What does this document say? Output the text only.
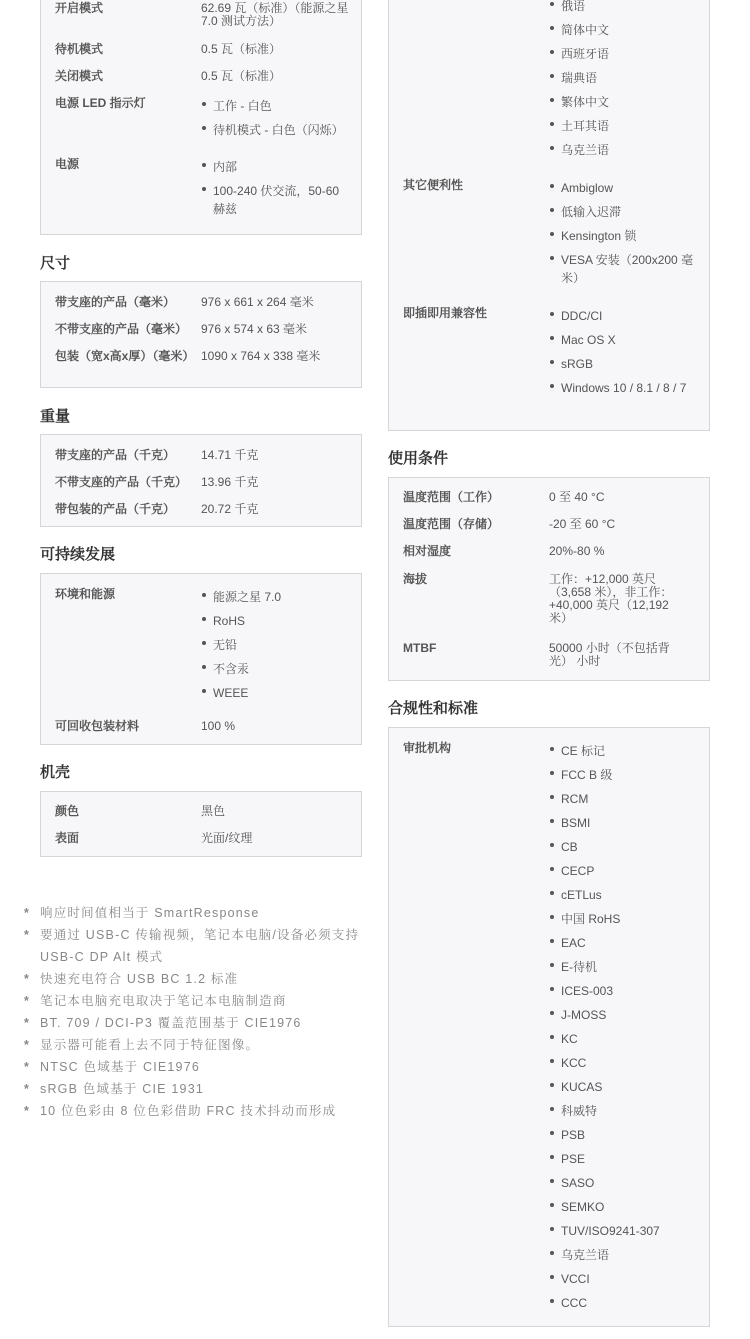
开启模式	62.69 瓦（标准）（能源之星 7.0 测试方法）
待机模式	0.5 瓦（标准）
关闭模式	0.5 瓦（标准）
电源 LED 指示灯	工作 - 白色
待机模式 - 白色（闪烁）
电源	内部
100-240 伏交流，50-60 赫兹
尺寸
带支座的产品（毫米）	976 x 661 x 264 毫米
不带支座的产品（毫米）	976 x 574 x 63 毫米
包装（宽x高x厚）（毫米） 1090 x 764 x 338 毫米
重量
带支座的产品（千克）	14.71 千克
不带支座的产品（千克）	13.96 千克
带包装的产品（千克）	20.72 千克
可持续发展
环境和能源	能源之星 7.0
RoHS
无铅
不含汞
WEEE
可回收包装材料	100 %
机壳
颜色	黑色
表面	光面/纹理
俄语
简体中文
西班牙语
瑞典语
繁体中文
土耳其语
乌克兰语
其它便利性	Ambiglow
低输入迟滞
Kensington 锁
VESA 安装（200x200 毫米）
即插即用兼容性	DDC/CI
Mac OS X
sRGB
Windows 10 / 8.1 / 8 / 7
使用条件
温度范围（工作）	0 至 40 °C
温度范围（存储）	-20 至 60 °C
相对湿度	20%-80 %
海拔	工作：+12,000 英尺（3,658 米），非工作：+40,000 英尺（12,192 米）
MTBF	50000 小时（不包括背光） 小时
合规性和标准
审批机构	CE 标记
FCC B 级
RCM
BSMI
CB
CECP
cETLus
中国 RoHS
EAC
E-待机
ICES-003
J-MOSS
KC
KCC
KUCAS
科威特
PSB
PSE
SASO
SEMKO
TUV/ISO9241-307
乌克兰语
VCCI
CCC
* 响应时间值相当于 SmartResponse
* 要通过 USB-C 传输视频，笔记本电脑/设备必须支持 USB-C DP Alt 模式
* 快速充电符合 USB BC 1.2 标准
* 笔记本电脑充电取决于笔记本电脑制造商
* BT. 709 / DCI-P3 覆盖范围基于 CIE1976
* 显示器可能看上去不同于特征图像。
* NTSC 色域基于 CIE1976
* sRGB 色域基于 CIE 1931
* 10 位色彩由 8 位色彩借助 FRC 技术抖动而形成
